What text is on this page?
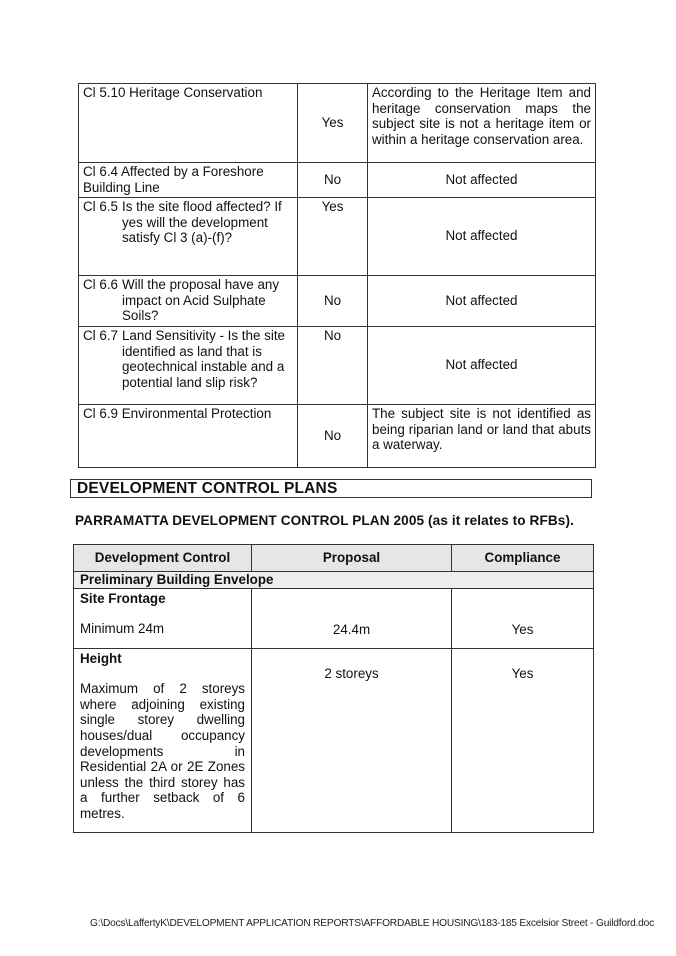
Cl 5.10 Heritage Conservation	Yes	According to the Heritage Item and heritage conservation maps the subject site is not a heritage item or within a heritage conservation area.
Cl 6.4 Affected by a Foreshore Building Line	No	Not affected

Cl 6.5 Is the site flood affected? If yes will the development satisfy Cl 3 (a)-(f)?	Yes	Not affected

Cl 6.6 Will the proposal have any impact on Acid Sulphate Soils?	No	Not affected

Cl 6.7 Land Sensitivity - Is the site identified as land that is geotechnical instable and a potential land slip risk?	No	Not affected
Cl 6.9 Environmental Protection	No	The subject site is not identified as being riparian land or land that abuts a waterway.
DEVELOPMENT CONTROL PLANS
PARRAMATTA DEVELOPMENT CONTROL PLAN 2005 (as it relates to RFBs).
Development Control	Proposal	Compliance
Preliminary Building Envelope		

Site Frontage
Minimum 24m	24.4m	Yes

Height
Maximum of 2 storeys where adjoining existing single storey dwelling houses/dual occupancy developments in Residential 2A or 2E Zones unless the third storey has a further setback of 6 metres.	2 storeys	Yes
G:\Docs\LaffertyK\DEVELOPMENT APPLICATION REPORTS\AFFORDABLE HOUSING\183-185 Excelsior Street - Guildford.doc
